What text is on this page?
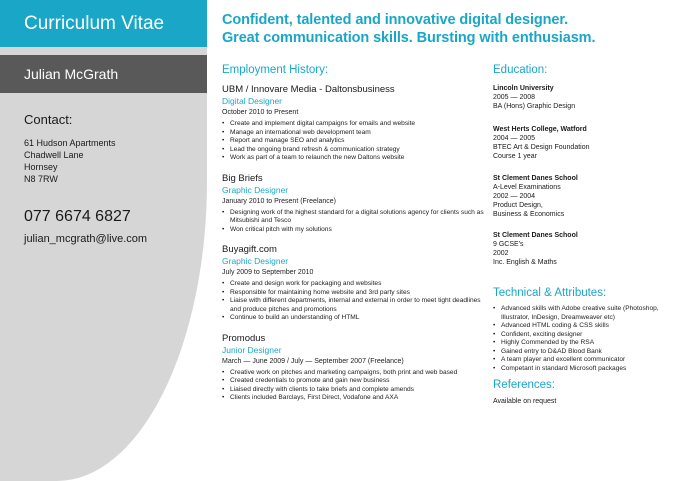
Curriculum Vitae
Julian McGrath
Contact:
61 Hudson Apartments
Chadwell Lane
Hornsey
N8 7RW
077 6674 6827
julian_mcgrath@live.com
Confident, talented and innovative digital designer.
Great communication skills. Bursting with enthusiasm.
Employment History:
UBM / Innovare Media - Daltonsbusiness
Digital Designer
October 2010 to Present
• Create and implement digital campaigns for emails and website
• Manage an international web development team
• Report and manage SEO and analytics
• Lead the ongoing brand refresh & communication strategy
• Work as part of a team to relaunch the new Daltons website
Big Briefs
Graphic Designer
January 2010 to Present (Freelance)
• Designing work of the highest standard for a digital solutions agency for clients such as Mitsubishi and Tesco
• Won critical pitch with my solutions
Buyagift.com
Graphic Designer
July 2009 to September 2010
• Create and design work for packaging and websites
• Responsible for maintaining home website and 3rd party sites
• Liaise with different departments, internal and external in order to meet tight deadlines and produce pitches and promotions
• Continue to build an understanding of HTML
Promodus
Junior Designer
March — June 2009 / July — September 2007 (Freelance)
• Creative work on pitches and marketing campaigns, both print and web based
• Created credentials to promote and gain new business
• Liaised directly with clients to take briefs and complete amends
• Clients included Barclays, First Direct, Vodafone and AXA
Education:
Lincoln University
2005 — 2008
BA (Hons) Graphic Design
West Herts College, Watford
2004 — 2005
BTEC Art & Design Foundation
Course 1 year
St Clement Danes School
A-Level Examinations
2002 — 2004
Product Design,
Business & Economics
St Clement Danes School
9 GCSE's
2002
Inc. English & Maths
Technical & Attributes:
• Advanced skills with Adobe creative suite (Photoshop, Illustrator, InDesign, Dreamweaver etc)
• Advanced HTML coding & CSS skills
• Confident, exciting designer
• Highly Commended by the RSA
• Gained entry to D&AD Blood Bank
• A team player and excellent communicator
• Competant in standard Microsoft packages
References:
Available on request
